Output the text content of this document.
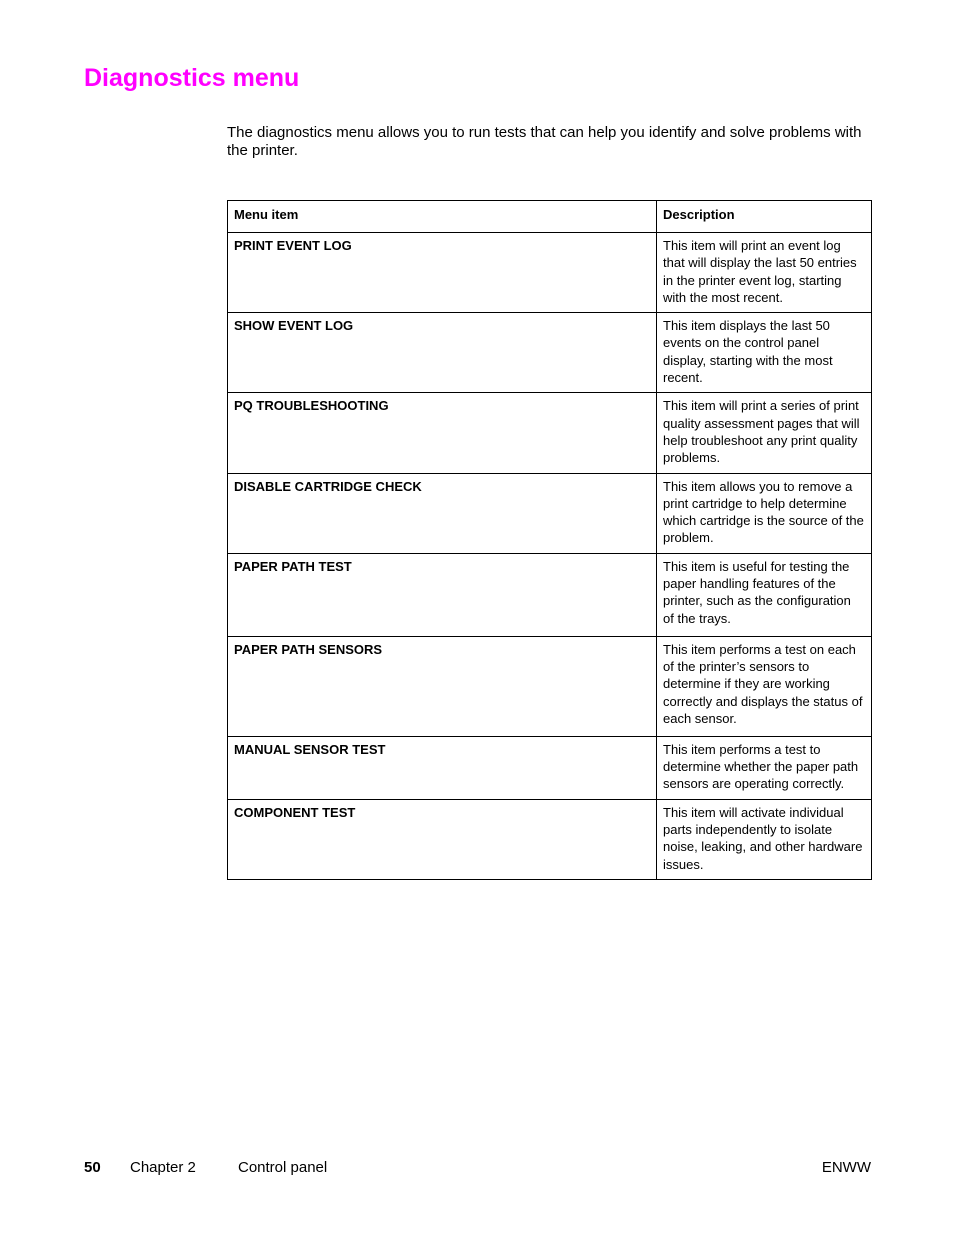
Diagnostics menu

The diagnostics menu allows you to run tests that can help you identify and solve problems with the printer.

Menu item	Description
PRINT EVENT LOG	This item will print an event log that will display the last 50 entries in the printer event log, starting with the most recent.
SHOW EVENT LOG	This item displays the last 50 events on the control panel display, starting with the most recent.
PQ TROUBLESHOOTING	This item will print a series of print quality assessment pages that will help troubleshoot any print quality problems.
DISABLE CARTRIDGE CHECK	This item allows you to remove a print cartridge to help determine which cartridge is the source of the problem.
PAPER PATH TEST	This item is useful for testing the paper handling features of the printer, such as the configuration of the trays.
PAPER PATH SENSORS	This item performs a test on each of the printer’s sensors to determine if they are working correctly and displays the status of each sensor.
MANUAL SENSOR TEST	This item performs a test to determine whether the paper path sensors are operating correctly.
COMPONENT TEST	This item will activate individual parts independently to isolate noise, leaking, and other hardware issues.
50 Chapter 2	Control panel	ENWW
